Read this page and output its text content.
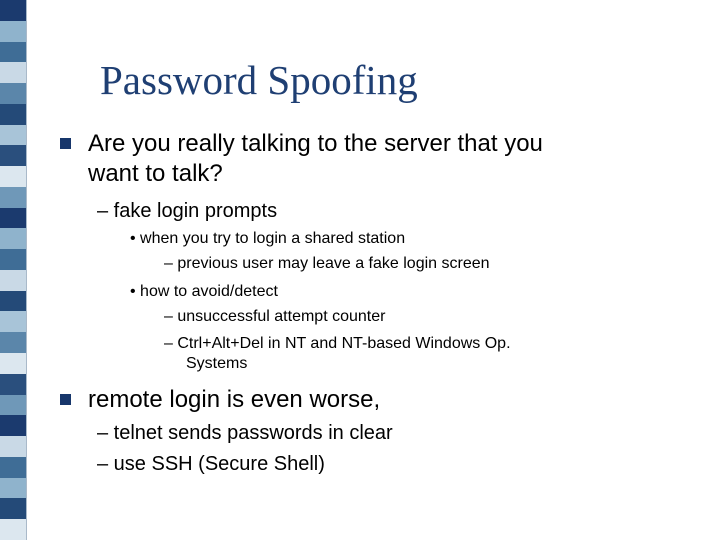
Password Spoofing

Are you really talking to the server that you

want to talk?

– fake login prompts

• when you try to login a shared station

– previous user may leave a fake login screen

• how to avoid/detect

– unsuccessful attempt counter

– Ctrl+Alt+Del in NT and NT-based Windows Op.

Systems

remote login is even worse,

– telnet sends passwords in clear

– use SSH (Secure Shell)
